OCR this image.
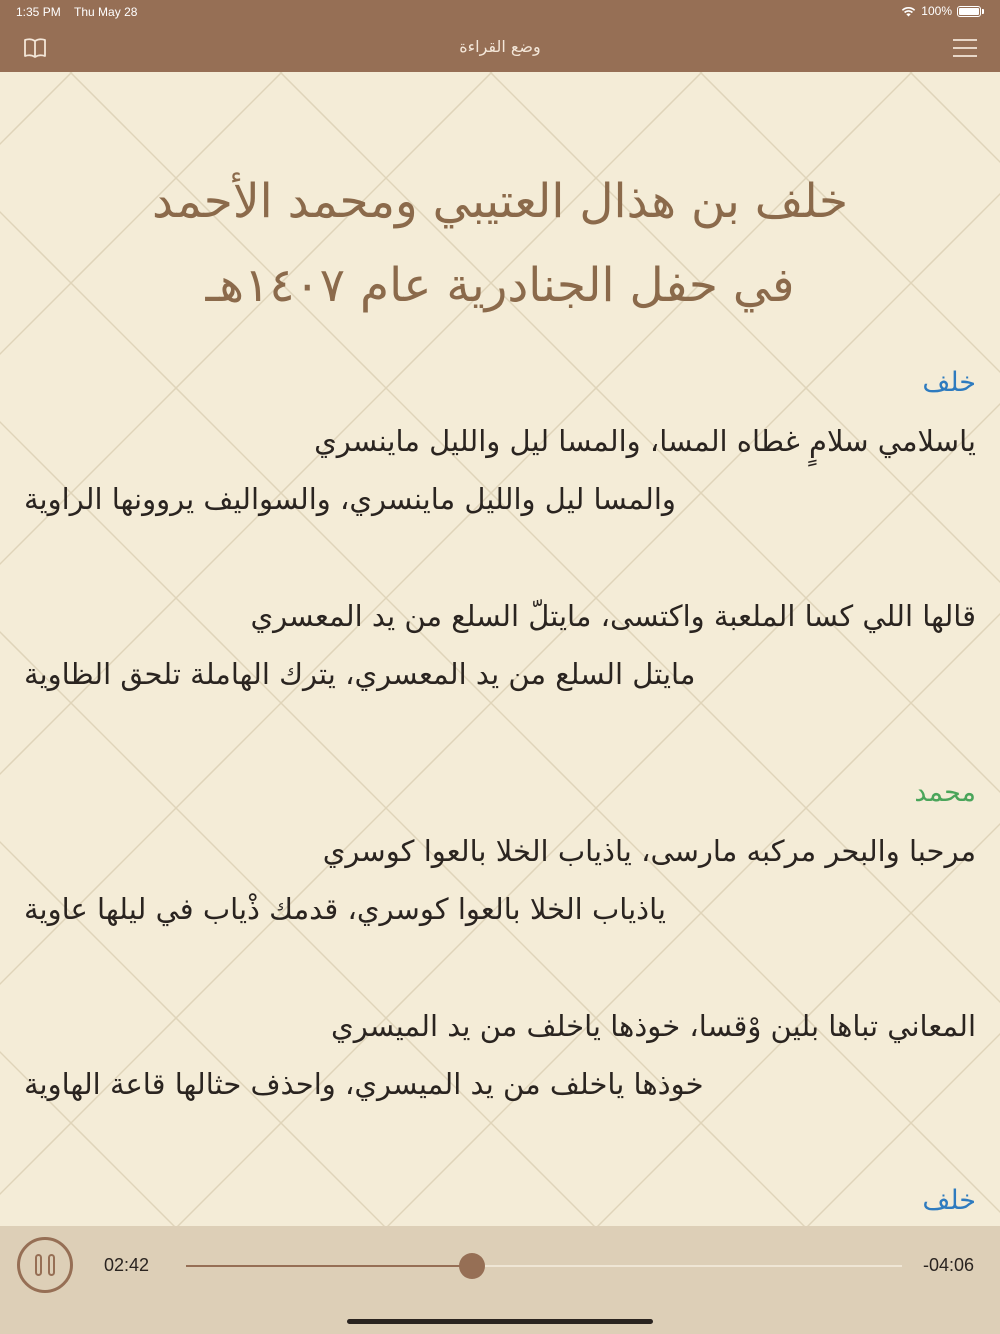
1:35 PM Thu May 28	100%
وضع القراءة
خلف بن هذال العتيبي ومحمد الأحمد
في حفل الجنادرية عام ١٤٠٧هـ
خلف
ياسلامي سلامٍ غطاه المسا، والمسا ليل والليل ماينسري
والمسا ليل والليل ماينسري، والسواليف يروونها الراوية
قالها اللي كسا الملعبة واكتسى، مايتلّ السلع من يد المعسري
مايتل السلع من يد المعسري، يترك الهاملة تلحق الظاوية
محمد
مرحبا والبحر مركبه مارسى، ياذياب الخلا بالعوا كوسري
ياذياب الخلا بالعوا كوسري، قدمك ذْياب في ليلها عاوية
المعاني تباها بلين وْقسا، خوذها ياخلف من يد الميسري
خوذها ياخلف من يد الميسري، واحذف حثالها قاعة الهاوية
خلف
02:42	-04:06
